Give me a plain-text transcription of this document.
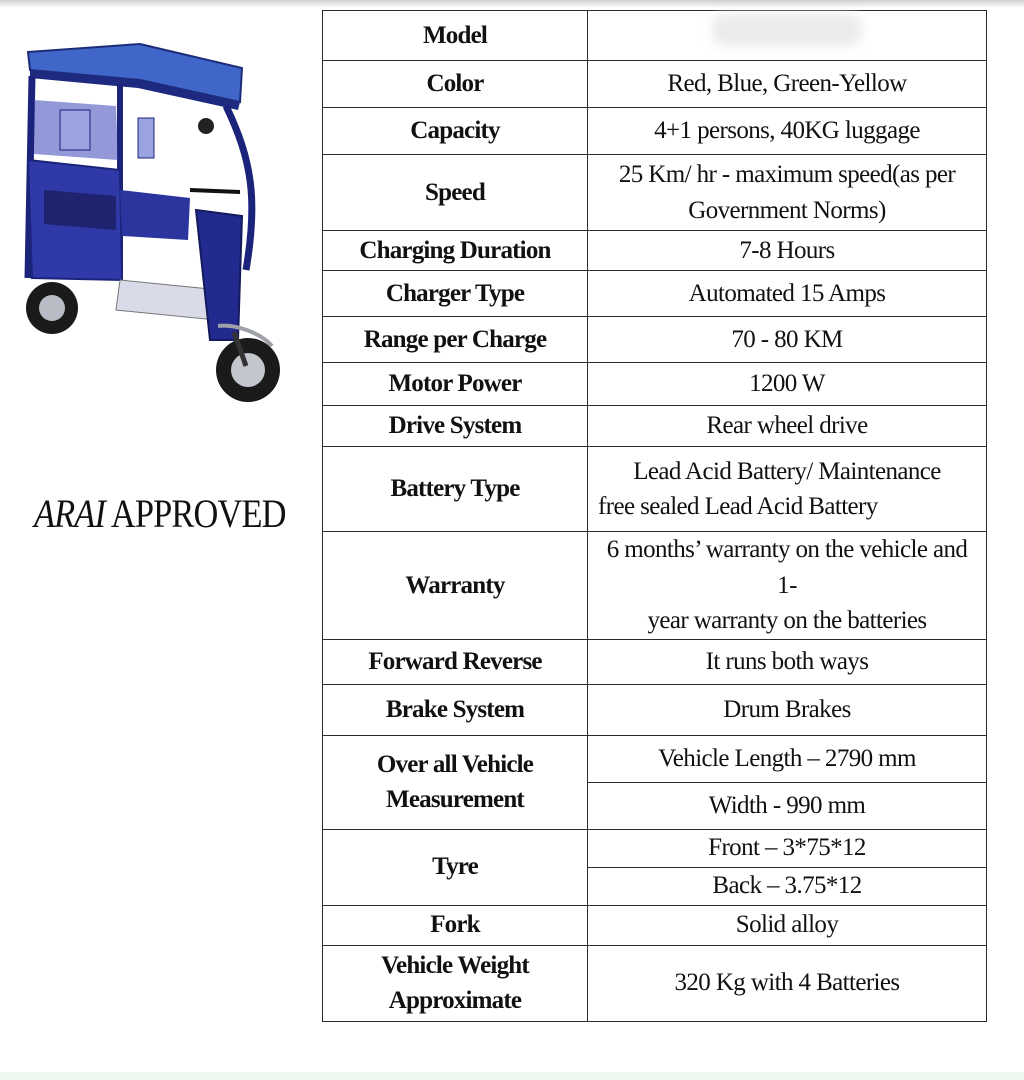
ARAI APPROVED
Model	
Color	Red, Blue, Green-Yellow
Capacity	4+1 persons, 40KG luggage
Speed	25 Km/ hr - maximum speed(as per
Government Norms)

Charging Duration	7-8 Hours
Charger Type	Automated 15 Amps
Range per Charge	70 - 80 KM
Motor Power	1200 W
Drive System	Rear wheel drive
Battery Type	Lead Acid Battery/ Maintenance
free sealed Lead Acid Battery

Warranty	6 months’ warranty on the vehicle and 1-
year warranty on the batteries

Forward Reverse	It runs both ways
Brake System	Drum Brakes

Over all Vehicle
Measurement	Vehicle Length – 2790 mm
	Width - 990 mm
Tyre	Front – 3*75*12
	Back – 3.75*12
Fork	Solid alloy

Vehicle Weight
Approximate	320 Kg with 4 Batteries
